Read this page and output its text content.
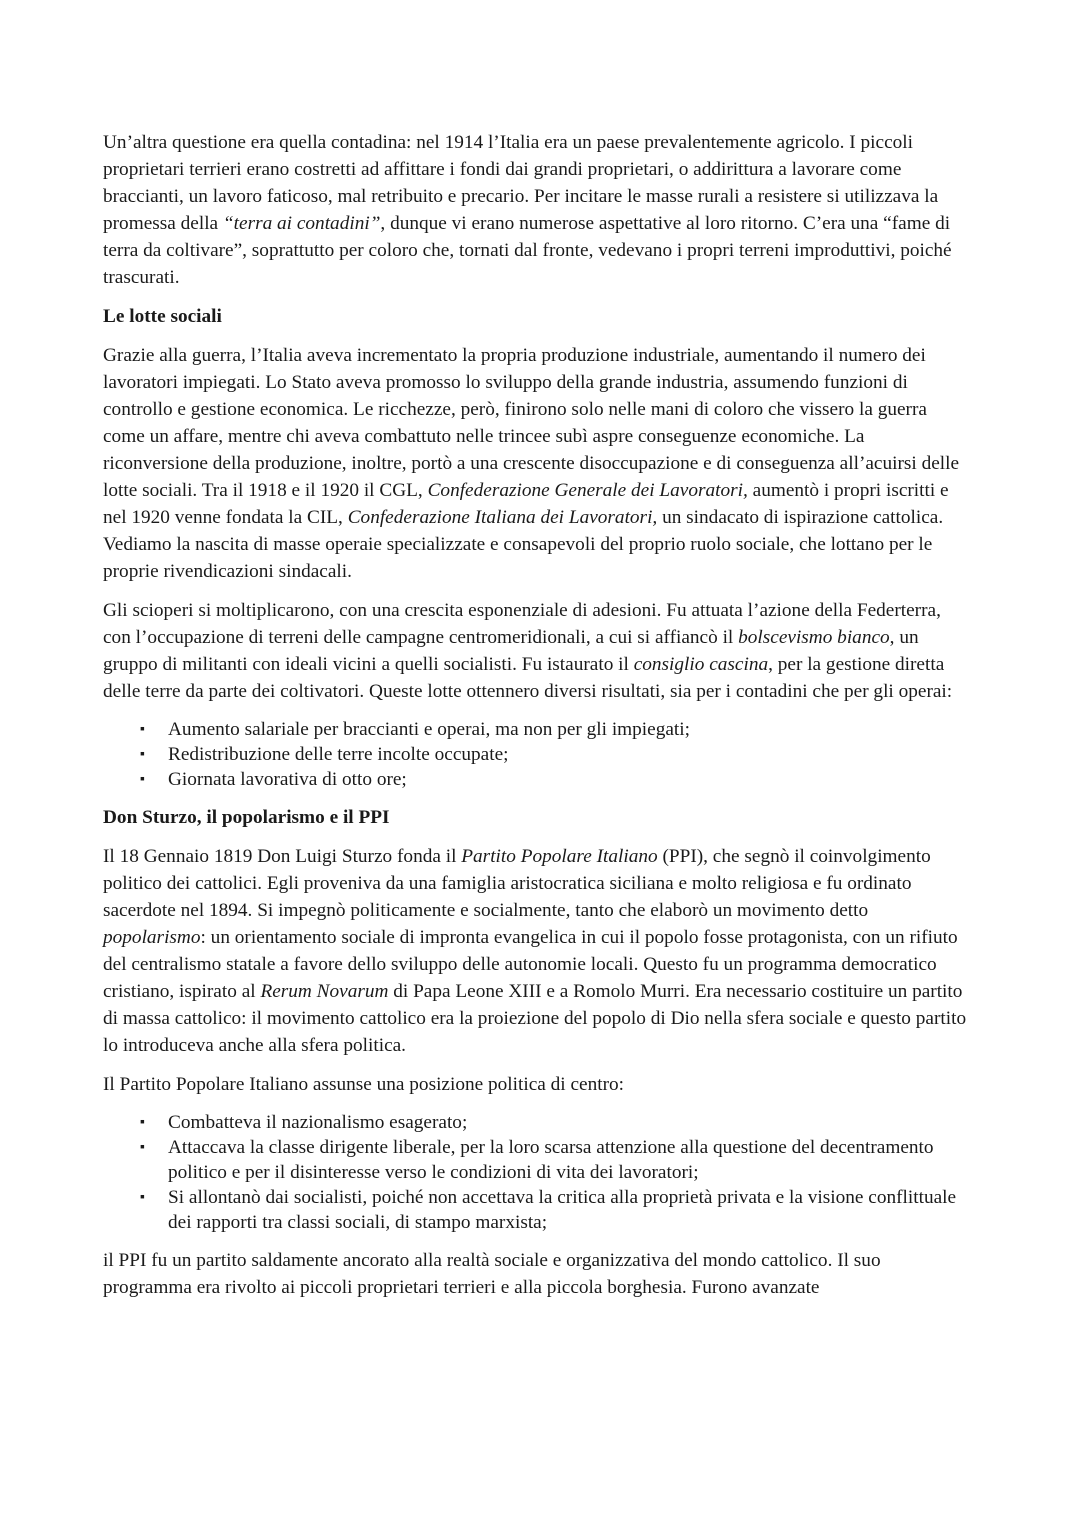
Un’altra questione era quella contadina: nel 1914 l’Italia era un paese prevalentemente agricolo. I piccoli proprietari terrieri erano costretti ad affittare i fondi dai grandi proprietari, o addirittura a lavorare come braccianti, un lavoro faticoso, mal retribuito e precario. Per incitare le masse rurali a resistere si utilizzava la promessa della “terra ai contadini”, dunque vi erano numerose aspettative al loro ritorno. C’era una “fame di terra da coltivare”, soprattutto per coloro che, tornati dal fronte, vedevano i propri terreni improduttivi, poiché trascurati.

Le lotte sociali

Grazie alla guerra, l’Italia aveva incrementato la propria produzione industriale, aumentando il numero dei lavoratori impiegati. Lo Stato aveva promosso lo sviluppo della grande industria, assumendo funzioni di controllo e gestione economica. Le ricchezze, però, finirono solo nelle mani di coloro che vissero la guerra come un affare, mentre chi aveva combattuto nelle trincee subì aspre conseguenze economiche. La riconversione della produzione, inoltre, portò a una crescente disoccupazione e di conseguenza all’acuirsi delle lotte sociali. Tra il 1918 e il 1920 il CGL, Confederazione Generale dei Lavoratori, aumentò i propri iscritti e nel 1920 venne fondata la CIL, Confederazione Italiana dei Lavoratori, un sindacato di ispirazione cattolica. Vediamo la nascita di masse operaie specializzate e consapevoli del proprio ruolo sociale, che lottano per le proprie rivendicazioni sindacali.

Gli scioperi si moltiplicarono, con una crescita esponenziale di adesioni. Fu attuata l’azione della Federterra, con l’occupazione di terreni delle campagne centromeridionali, a cui si affiancò il bolscevismo bianco, un gruppo di militanti con ideali vicini a quelli socialisti. Fu istaurato il consiglio cascina, per la gestione diretta delle terre da parte dei coltivatori. Queste lotte ottennero diversi risultati, sia per i contadini che per gli operai:

▪ Aumento salariale per braccianti e operai, ma non per gli impiegati;
▪ Redistribuzione delle terre incolte occupate;
▪ Giornata lavorativa di otto ore;
Don Sturzo, il popolarismo e il PPI

Il 18 Gennaio 1819 Don Luigi Sturzo fonda il Partito Popolare Italiano (PPI), che segnò il coinvolgimento politico dei cattolici. Egli proveniva da una famiglia aristocratica siciliana e molto religiosa e fu ordinato sacerdote nel 1894. Si impegnò politicamente e socialmente, tanto che elaborò un movimento detto popolarismo: un orientamento sociale di impronta evangelica in cui il popolo fosse protagonista, con un rifiuto del centralismo statale a favore dello sviluppo delle autonomie locali. Questo fu un programma democratico cristiano, ispirato al Rerum Novarum di Papa Leone XIII e a Romolo Murri. Era necessario costituire un partito di massa cattolico: il movimento cattolico era la proiezione del popolo di Dio nella sfera sociale e questo partito lo introduceva anche alla sfera politica.

Il Partito Popolare Italiano assunse una posizione politica di centro:

▪ Combatteva il nazionalismo esagerato;
▪ Attaccava la classe dirigente liberale, per la loro scarsa attenzione alla questione del decentramento politico e per il disinteresse verso le condizioni di vita dei lavoratori;
▪ Si allontanò dai socialisti, poiché non accettava la critica alla proprietà privata e la visione conflittuale dei rapporti tra classi sociali, di stampo marxista;

il PPI fu un partito saldamente ancorato alla realtà sociale e organizzativa del mondo cattolico. Il suo programma era rivolto ai piccoli proprietari terrieri e alla piccola borghesia. Furono avanzate
